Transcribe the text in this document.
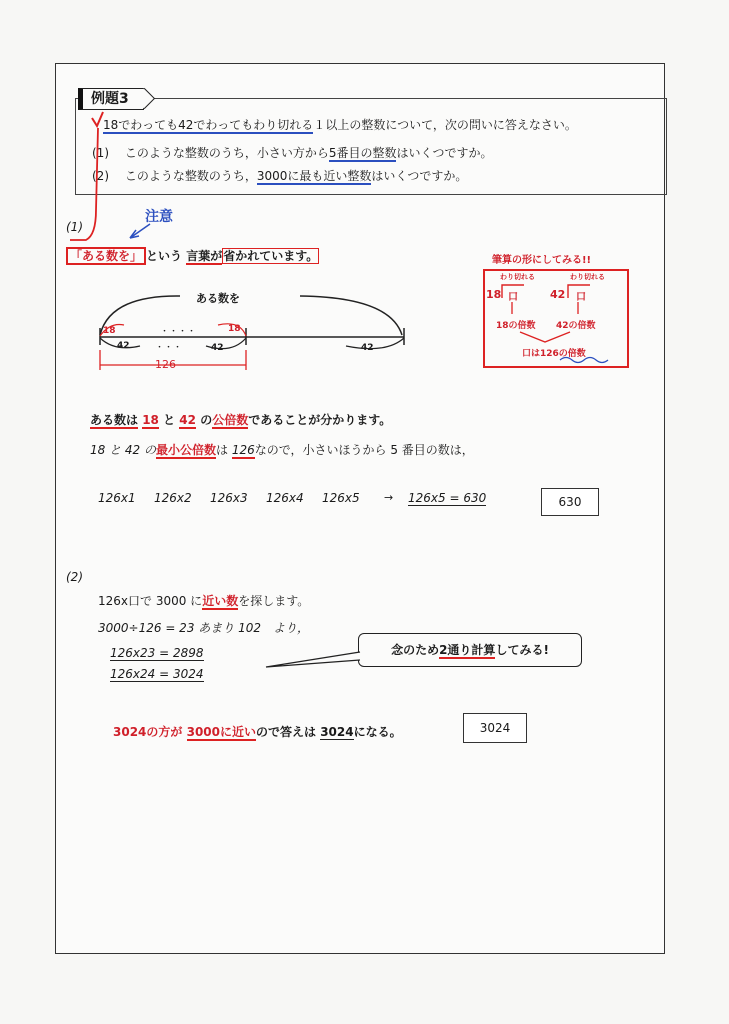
例題3
18でわっても42でわってもわり切れる１以上の整数について，次の問いに答えなさい。
(1)　 このような整数のうち，小さい方から5番目の整数はいくつですか。
(2)　 このような整数のうち，3000に最も近い整数はいくつですか。
(1)
注意
「ある数を」 という 言葉が省かれています。
ある数を
18
42
・・・・
・・・
18
42	42
126
筆算の形にしてみる!!
わり切れる
18 口
わり切れる
42 口
18の倍数 42の倍数
口は126の倍数
ある数は 18 と 42 の公倍数であることが分かります。
18 と 42 の最小公倍数は 126なので，小さいほうから 5 番目の数は，
126x1 126x2 126x3 126x4 126x5 → 126x5 = 630	630
(2)
126x口で 3000 に近い数を探します。
3000÷126 = 23 あまり 102　より，
126x23 = 2898
126x24 = 3024
念のため2通り計算してみる!
3024の方が 3000に近いので答えは 3024になる。	3024
